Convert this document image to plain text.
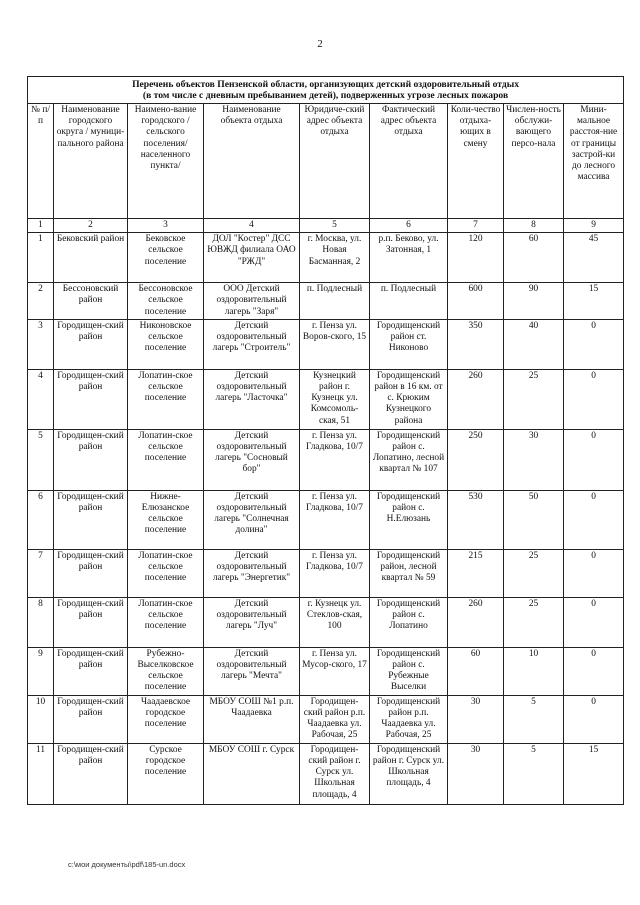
2
Перечень объектов Пензенской области, организующих детский оздоровительный отдых
(в том числе с дневным пребыванием детей), подверженных угрозе лесных пожаров								

№ п/п	Наименование городского округа / муници-пального района	Наимено-вание городского / сельского поселения/ населенного пункта/	Наименование объекта отдыха	Юридиче-ский адрес объекта отдыха	Фактический адрес объекта отдыха	Коли-чество отдыха-ющих в смену	Числен-ность обслужи-вающего персо-нала	Мини-мальное расстоя-ние от границы застрой-ки до лесного массива
1	2	3	4	5	6	7	8	9
1	Бековский район	Бековское сельское поселение	ДОЛ "Костер" ДСС ЮВЖД филиала ОАО "РЖД"	г. Москва, ул. Новая Басманная, 2	р.п. Беково, ул. Затонная, 1	120	60	45
2	Бессоновский район	Бессоновское сельское поселение	ООО Детский оздоровительный лагерь "Заря"	п. Подлесный	п. Подлесный	600	90	15
3	Городищен-ский район	Никоновское сельское поселение	Детский оздоровительный лагерь "Строитель"	г. Пенза ул. Воров-ского, 15	Городищенский район ст. Никоново	350	40	0
4	Городищен-ский район	Лопатин-ское сельское поселение	Детский оздоровительный лагерь "Ласточка"	Кузнецкий район г. Кузнецк ул. Комсомоль-ская, 51	Городищенский район в 16 км. от с. Крюким Кузнецкого района	260	25	0
5	Городищен-ский район	Лопатин-ское сельское поселение	Детский оздоровительный лагерь "Сосновый бор"	г. Пенза ул. Гладкова, 10/7	Городищенский район с. Лопатино, лесной квартал № 107	250	30	0
6	Городищен-ский район	Нижне-Елюзанское сельское поселение	Детский оздоровительный лагерь "Солнечная долина"	г. Пенза ул. Гладкова, 10/7	Городищенский район с. Н.Елюзань	530	50	0
7	Городищен-ский район	Лопатин-ское сельское поселение	Детский оздоровительный лагерь "Энергетик"	г. Пенза ул. Гладкова, 10/7	Городищенский район, лесной квартал № 59	215	25	0
8	Городищен-ский район	Лопатин-ское сельское поселение	Детский оздоровительный лагерь "Луч"	г. Кузнецк ул. Стеклов-ская, 100	Городищенский район с. Лопатино	260	25	0
9	Городищен-ский район	Рубежно-Выселковское сельское поселение	Детский оздоровительный лагерь "Мечта"	г. Пенза ул. Мусор-ского, 17	Городищенский район с. Рубежные Выселки	60	10	0
10	Городищен-ский район	Чаадаевское городское поселение	МБОУ СОШ №1 р.п. Чаадаевка	Городищен-ский район р.п. Чаадаевка ул. Рабочая, 25	Городищенский район р.п. Чаадаевка ул. Рабочая, 25	30	5	0
11	Городищен-ский район	Сурское городское поселение	МБОУ СОШ г. Сурск	Городищен-ский район г. Сурск ул. Школьная площадь, 4	Городищенский район г. Сурск ул. Школьная площадь, 4	30	5	15
c:\мои документы\pdf\185-un.docx
